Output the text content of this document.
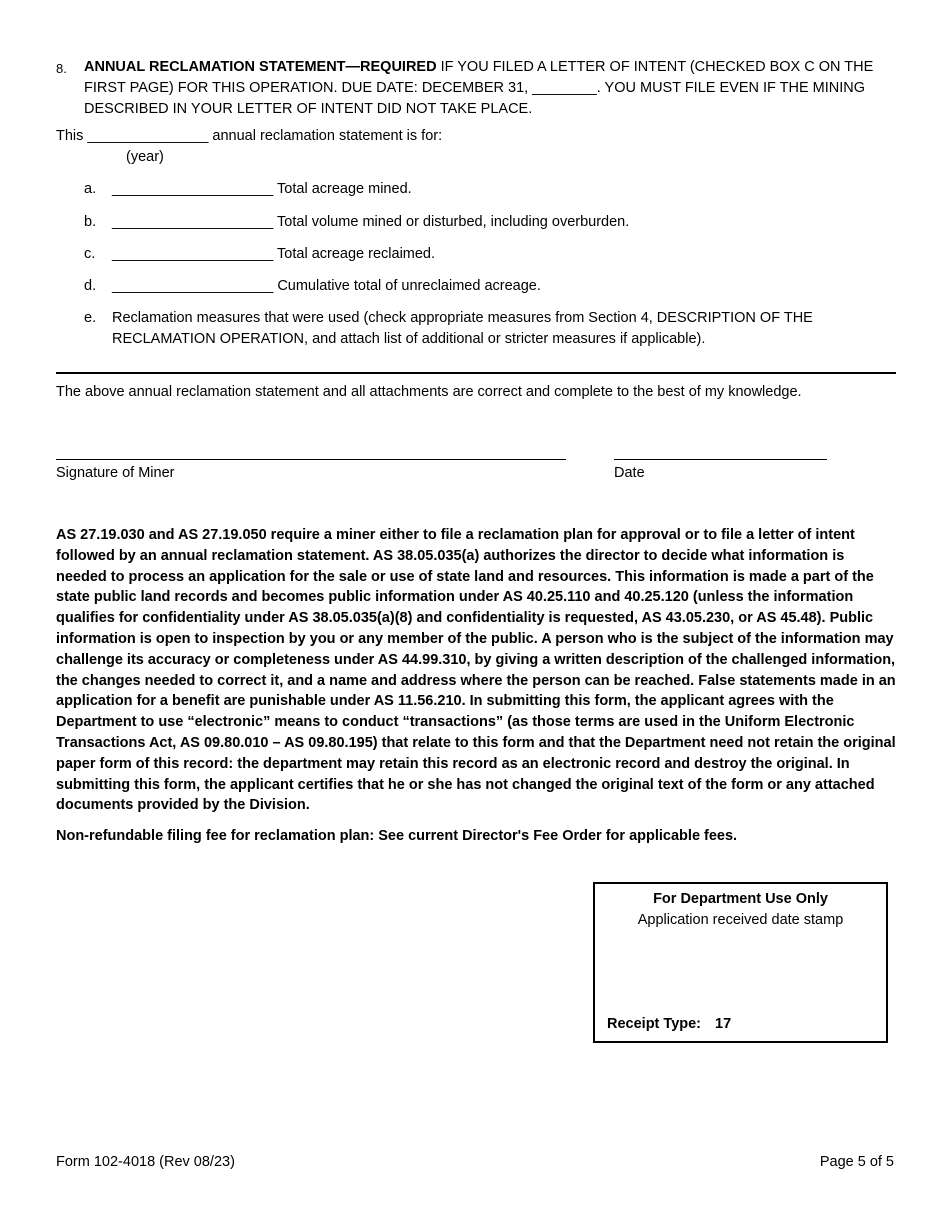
8. ANNUAL RECLAMATION STATEMENT—REQUIRED IF YOU FILED A LETTER OF INTENT (CHECKED BOX C ON THE FIRST PAGE) FOR THIS OPERATION. DUE DATE: DECEMBER 31, ________. YOU MUST FILE EVEN IF THE MINING DESCRIBED IN YOUR LETTER OF INTENT DID NOT TAKE PLACE.
This _______________ annual reclamation statement is for:
(year)
a. ____________________ Total acreage mined.
b. ____________________ Total volume mined or disturbed, including overburden.
c. ____________________ Total acreage reclaimed.
d. ____________________ Cumulative total of unreclaimed acreage.
e. Reclamation measures that were used (check appropriate measures from Section 4, DESCRIPTION OF THE RECLAMATION OPERATION, and attach list of additional or stricter measures if applicable).
The above annual reclamation statement and all attachments are correct and complete to the best of my knowledge.
Signature of Miner	Date
AS 27.19.030 and AS 27.19.050 require a miner either to file a reclamation plan for approval or to file a letter of intent followed by an annual reclamation statement. AS 38.05.035(a) authorizes the director to decide what information is needed to process an application for the sale or use of state land and resources. This information is made a part of the state public land records and becomes public information under AS 40.25.110 and 40.25.120 (unless the information qualifies for confidentiality under AS 38.05.035(a)(8) and confidentiality is requested, AS 43.05.230, or AS 45.48). Public information is open to inspection by you or any member of the public. A person who is the subject of the information may challenge its accuracy or completeness under AS 44.99.310, by giving a written description of the challenged information, the changes needed to correct it, and a name and address where the person can be reached. False statements made in an application for a benefit are punishable under AS 11.56.210. In submitting this form, the applicant agrees with the Department to use “electronic” means to conduct “transactions” (as those terms are used in the Uniform Electronic Transactions Act, AS 09.80.010 – AS 09.80.195) that relate to this form and that the Department need not retain the original paper form of this record: the department may retain this record as an electronic record and destroy the original. In submitting this form, the applicant certifies that he or she has not changed the original text of the form or any attached documents provided by the Division.
Non-refundable filing fee for reclamation plan: See current Director's Fee Order for applicable fees.
For Department Use Only
Application received date stamp
Receipt Type: 17
Form 102-4018 (Rev 08/23)	Page 5 of 5
